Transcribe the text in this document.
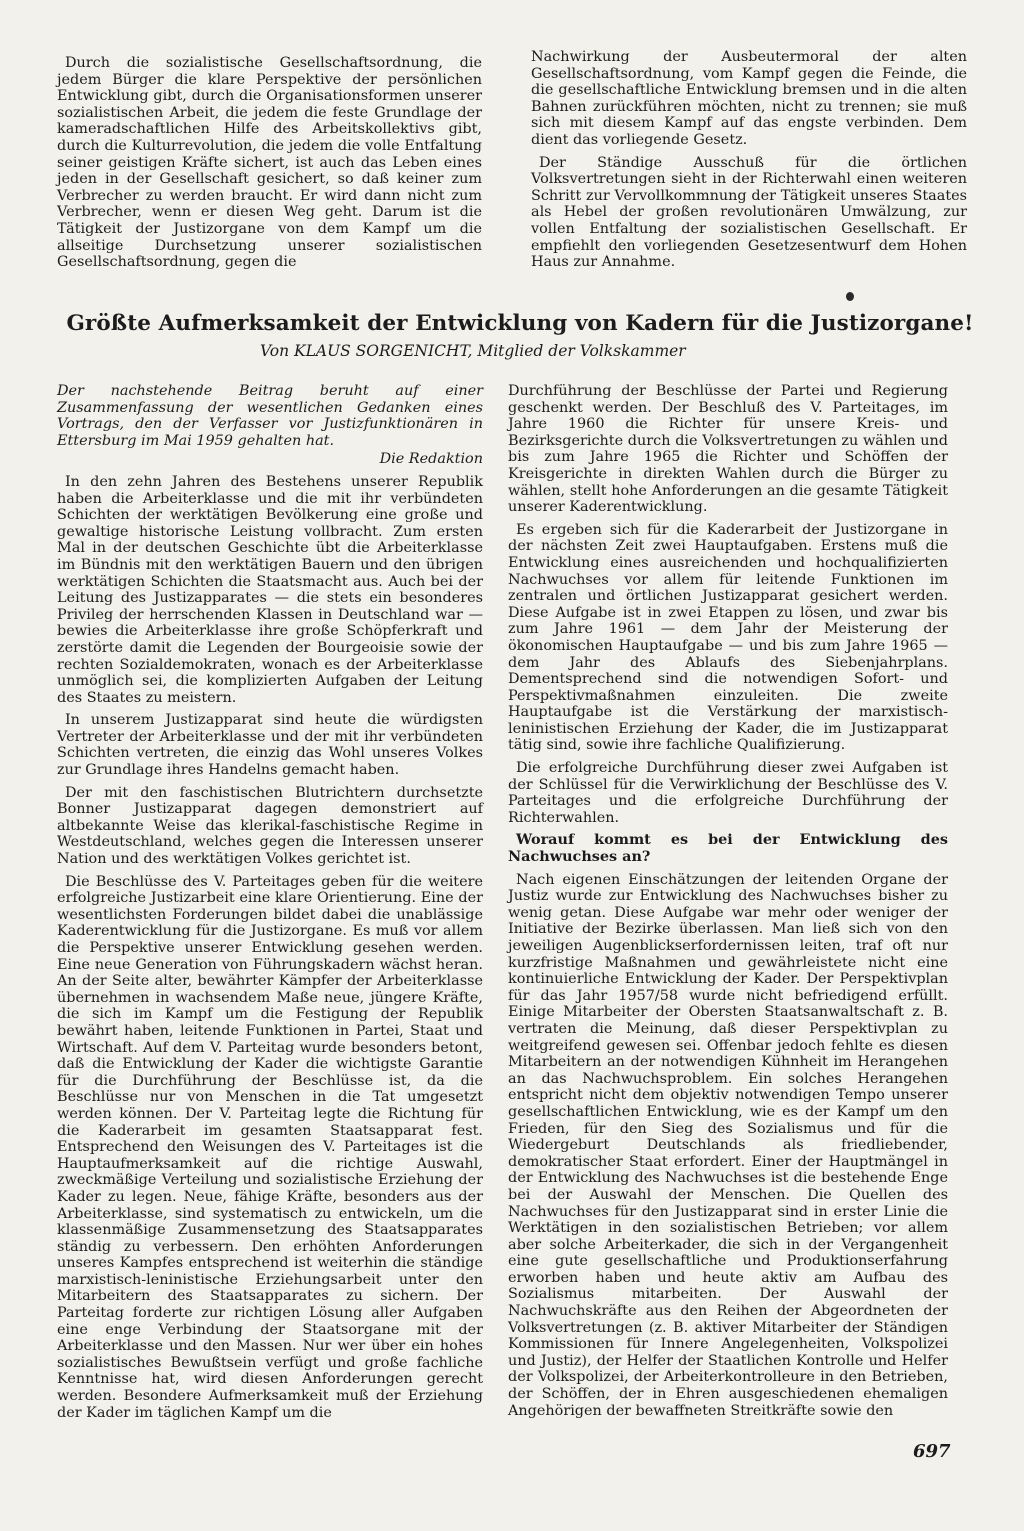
Durch die sozialistische Gesellschaftsordnung, die jedem Bürger die klare Perspektive der persönlichen Entwicklung gibt, durch die Organisationsformen unserer sozialistischen Arbeit, die jedem die feste Grundlage der kameradschaftlichen Hilfe des Arbeitskollektivs gibt, durch die Kulturrevolution, die jedem die volle Entfaltung seiner geistigen Kräfte sichert, ist auch das Leben eines jeden in der Gesellschaft gesichert, so daß keiner zum Verbrecher zu werden braucht. Er wird dann nicht zum Verbrecher, wenn er diesen Weg geht. Darum ist die Tätigkeit der Justizorgane von dem Kampf um die allseitige Durchsetzung unserer sozialistischen Gesellschaftsordnung, gegen die

Nachwirkung der Ausbeutermoral der alten Gesellschaftsordnung, vom Kampf gegen die Feinde, die die gesellschaftliche Entwicklung bremsen und in die alten Bahnen zurückführen möchten, nicht zu trennen; sie muß sich mit diesem Kampf auf das engste verbinden. Dem dient das vorliegende Gesetz.

Der Ständige Ausschuß für die örtlichen Volksvertretungen sieht in der Richterwahl einen weiteren Schritt zur Vervollkommnung der Tätigkeit unseres Staates als Hebel der großen revolutionären Umwälzung, zur vollen Entfaltung der sozialistischen Gesellschaft. Er empfiehlt den vorliegenden Gesetzesentwurf dem Hohen Haus zur Annahme.

Größte Aufmerksamkeit der Entwicklung von Kadern für die Justizorgane!
Von KLAUS SORGENICHT, Mitglied der Volkskammer

Der nachstehende Beitrag beruht auf einer Zusammenfassung der wesentlichen Gedanken eines Vortrags, den der Verfasser vor Justizfunktionären in Ettersburg im Mai 1959 gehalten hat.

Die Redaktion

In den zehn Jahren des Bestehens unserer Republik haben die Arbeiterklasse und die mit ihr verbündeten Schichten der werktätigen Bevölkerung eine große und gewaltige historische Leistung vollbracht. Zum ersten Mal in der deutschen Geschichte übt die Arbeiterklasse im Bündnis mit den werktätigen Bauern und den übrigen werktätigen Schichten die Staatsmacht aus. Auch bei der Leitung des Justizapparates — die stets ein besonderes Privileg der herrschenden Klassen in Deutschland war — bewies die Arbeiterklasse ihre große Schöpferkraft und zerstörte damit die Legenden der Bourgeoisie sowie der rechten Sozialdemokraten, wonach es der Arbeiterklasse unmöglich sei, die komplizierten Aufgaben der Leitung des Staates zu meistern.

In unserem Justizapparat sind heute die würdigsten Vertreter der Arbeiterklasse und der mit ihr verbündeten Schichten vertreten, die einzig das Wohl unseres Volkes zur Grundlage ihres Handelns gemacht haben.

Der mit den faschistischen Blutrichtern durchsetzte Bonner Justizapparat dagegen demonstriert auf altbekannte Weise das klerikal-faschistische Regime in Westdeutschland, welches gegen die Interessen unserer Nation und des werktätigen Volkes gerichtet ist.

Die Beschlüsse des V. Parteitages geben für die weitere erfolgreiche Justizarbeit eine klare Orientierung. Eine der wesentlichsten Forderungen bildet dabei die unablässige Kaderentwicklung für die Justizorgane. Es muß vor allem die Perspektive unserer Entwicklung gesehen werden. Eine neue Generation von Führungskadern wächst heran. An der Seite alter, bewährter Kämpfer der Arbeiterklasse übernehmen in wachsendem Maße neue, jüngere Kräfte, die sich im Kampf um die Festigung der Republik bewährt haben, leitende Funktionen in Partei, Staat und Wirtschaft. Auf dem V. Parteitag wurde besonders betont, daß die Entwicklung der Kader die wichtigste Garantie für die Durchführung der Beschlüsse ist, da die Beschlüsse nur von Menschen in die Tat umgesetzt werden können. Der V. Parteitag legte die Richtung für die Kaderarbeit im gesamten Staatsapparat fest. Entsprechend den Weisungen des V. Parteitages ist die Hauptaufmerksamkeit auf die richtige Auswahl, zweckmäßige Verteilung und sozialistische Erziehung der Kader zu legen. Neue, fähige Kräfte, besonders aus der Arbeiterklasse, sind systematisch zu entwickeln, um die klassenmäßige Zusammensetzung des Staatsapparates ständig zu verbessern. Den erhöhten Anforderungen unseres Kampfes entsprechend ist weiterhin die ständige marxistisch-leninistische Erziehungsarbeit unter den Mitarbeitern des Staatsapparates zu sichern. Der Parteitag forderte zur richtigen Lösung aller Aufgaben eine enge Verbindung der Staatsorgane mit der Arbeiterklasse und den Massen. Nur wer über ein hohes sozialistisches Bewußtsein verfügt und große fachliche Kenntnisse hat, wird diesen Anforderungen gerecht werden. Besondere Aufmerksamkeit muß der Erziehung der Kader im täglichen Kampf um die

Durchführung der Beschlüsse der Partei und Regierung geschenkt werden. Der Beschluß des V. Parteitages, im Jahre 1960 die Richter für unsere Kreis- und Bezirksgerichte durch die Volksvertretungen zu wählen und bis zum Jahre 1965 die Richter und Schöffen der Kreisgerichte in direkten Wahlen durch die Bürger zu wählen, stellt hohe Anforderungen an die gesamte Tätigkeit unserer Kaderentwicklung.

Es ergeben sich für die Kaderarbeit der Justizorgane in der nächsten Zeit zwei Hauptaufgaben. Erstens muß die Entwicklung eines ausreichenden und hochqualifizierten Nachwuchses vor allem für leitende Funktionen im zentralen und örtlichen Justizapparat gesichert werden. Diese Aufgabe ist in zwei Etappen zu lösen, und zwar bis zum Jahre 1961 — dem Jahr der Meisterung der ökonomischen Hauptaufgabe — und bis zum Jahre 1965 — dem Jahr des Ablaufs des Siebenjahrplans. Dementsprechend sind die notwendigen Sofort- und Perspektivmaßnahmen einzuleiten. Die zweite Hauptaufgabe ist die Verstärkung der marxistisch-leninistischen Erziehung der Kader, die im Justizapparat tätig sind, sowie ihre fachliche Qualifizierung.

Die erfolgreiche Durchführung dieser zwei Aufgaben ist der Schlüssel für die Verwirklichung der Beschlüsse des V. Parteitages und die erfolgreiche Durchführung der Richterwahlen.

Worauf kommt es bei der Entwicklung des Nachwuchses an?

Nach eigenen Einschätzungen der leitenden Organe der Justiz wurde zur Entwicklung des Nachwuchses bisher zu wenig getan. Diese Aufgabe war mehr oder weniger der Initiative der Bezirke überlassen. Man ließ sich von den jeweiligen Augenblickserfordernissen leiten, traf oft nur kurzfristige Maßnahmen und gewährleistete nicht eine kontinuierliche Entwicklung der Kader. Der Perspektivplan für das Jahr 1957/58 wurde nicht befriedigend erfüllt. Einige Mitarbeiter der Obersten Staatsanwaltschaft z. B. vertraten die Meinung, daß dieser Perspektivplan zu weitgreifend gewesen sei. Offenbar jedoch fehlte es diesen Mitarbeitern an der notwendigen Kühnheit im Herangehen an das Nachwuchsproblem. Ein solches Herangehen entspricht nicht dem objektiv notwendigen Tempo unserer gesellschaftlichen Entwicklung, wie es der Kampf um den Frieden, für den Sieg des Sozialismus und für die Wiedergeburt Deutschlands als friedliebender, demokratischer Staat erfordert. Einer der Hauptmängel in der Entwicklung des Nachwuchses ist die bestehende Enge bei der Auswahl der Menschen. Die Quellen des Nachwuchses für den Justizapparat sind in erster Linie die Werktätigen in den sozialistischen Betrieben; vor allem aber solche Arbeiterkader, die sich in der Vergangenheit eine gute gesellschaftliche und Produktionserfahrung erworben haben und heute aktiv am Aufbau des Sozialismus mitarbeiten. Der Auswahl der Nachwuchskräfte aus den Reihen der Abgeordneten der Volksvertretungen (z. B. aktiver Mitarbeiter der Ständigen Kommissionen für Innere Angelegenheiten, Volkspolizei und Justiz), der Helfer der Staatlichen Kontrolle und Helfer der Volkspolizei, der Arbeiterkontrolleure in den Betrieben, der Schöffen, der in Ehren ausgeschiedenen ehemaligen Angehörigen der bewaffneten Streitkräfte sowie den

697
